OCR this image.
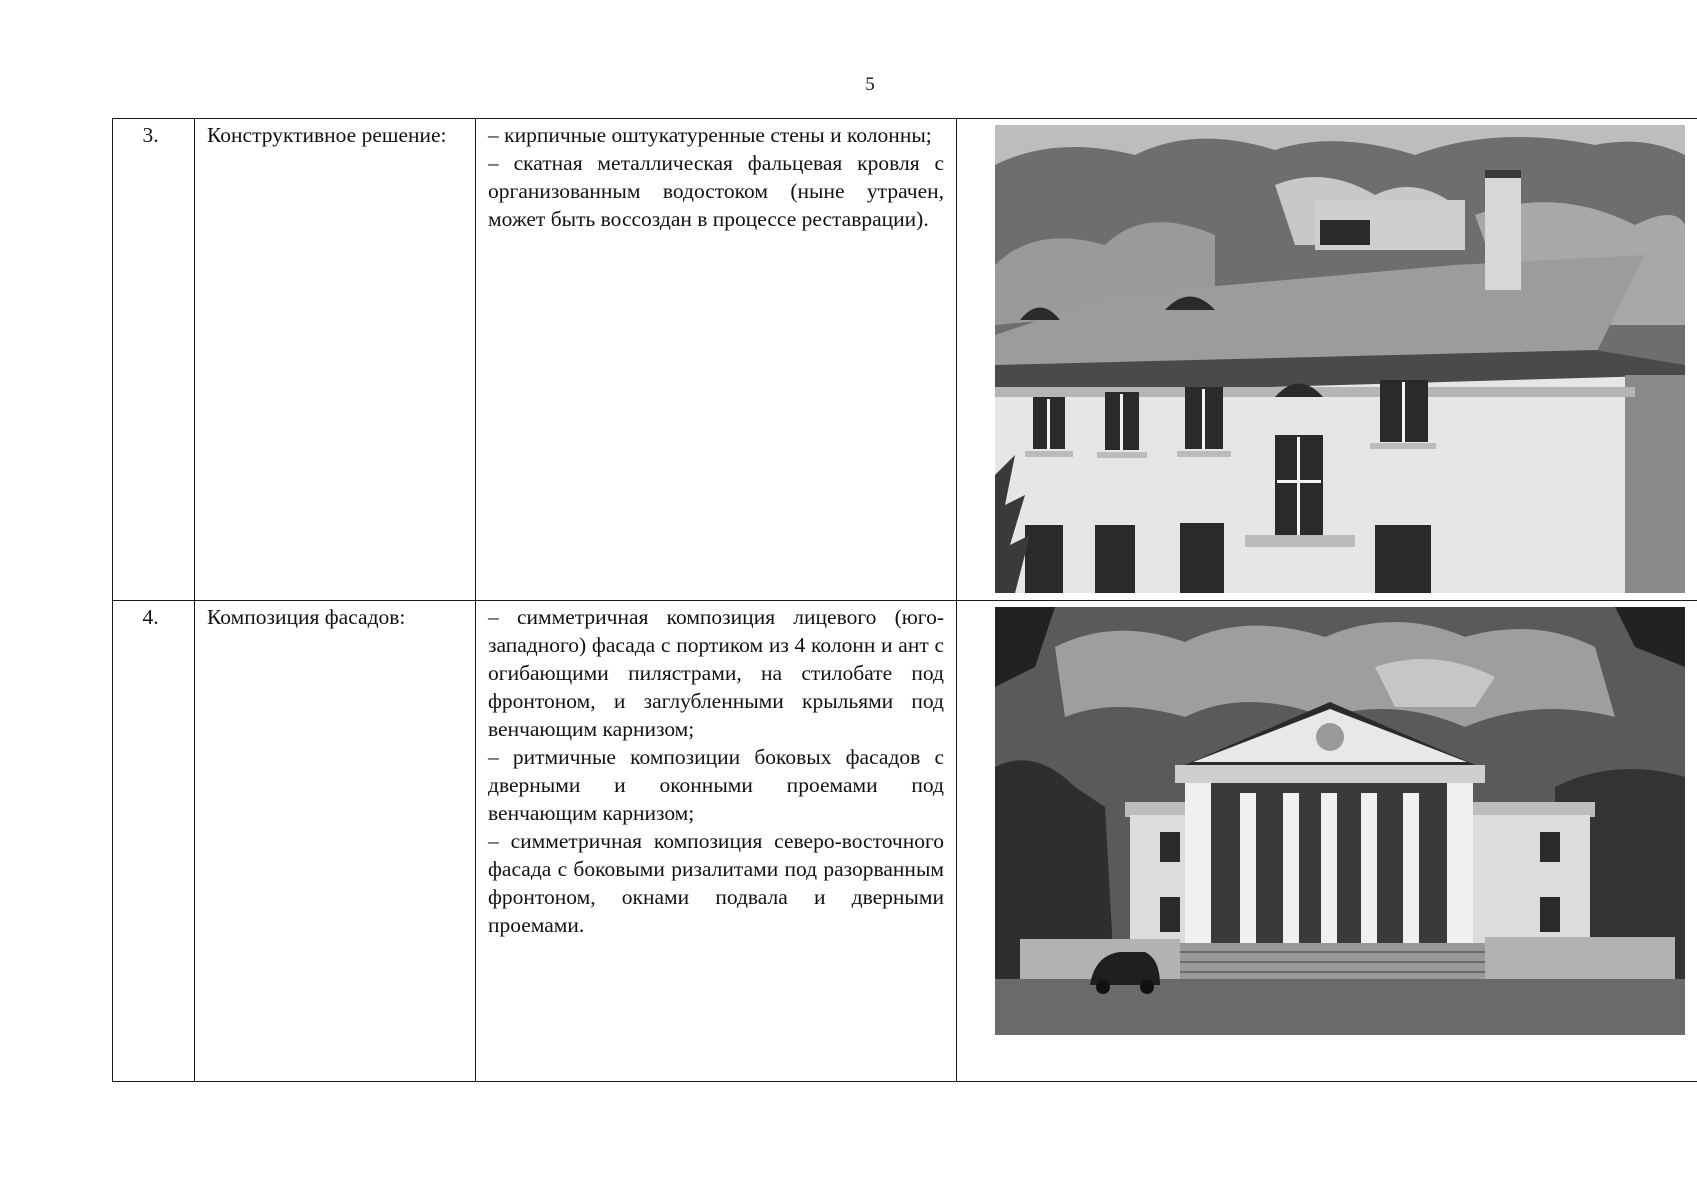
5
3.	Конструктивное решение:	– кирпичные оштукатуренные стены и колонны;

– скатная металлическая фальцевая кровля с организованным водостоком (ныне утрачен, может быть воссоздан в процессе реставрации).

4.	Композиция фасадов:	– симметричная композиция лицевого (юго-западного) фасада с портиком из 4 колонн и ант с огибающими пилястрами, на стилобате под фронтоном, и заглубленными крыльями под венчающим карнизом;

– ритмичные композиции боковых фасадов с дверными и оконными проемами под венчающим карнизом;

– симметричная композиция северо-восточного фасада с боковыми ризалитами под разорванным фронтоном, окнами подвала и дверными проемами.
